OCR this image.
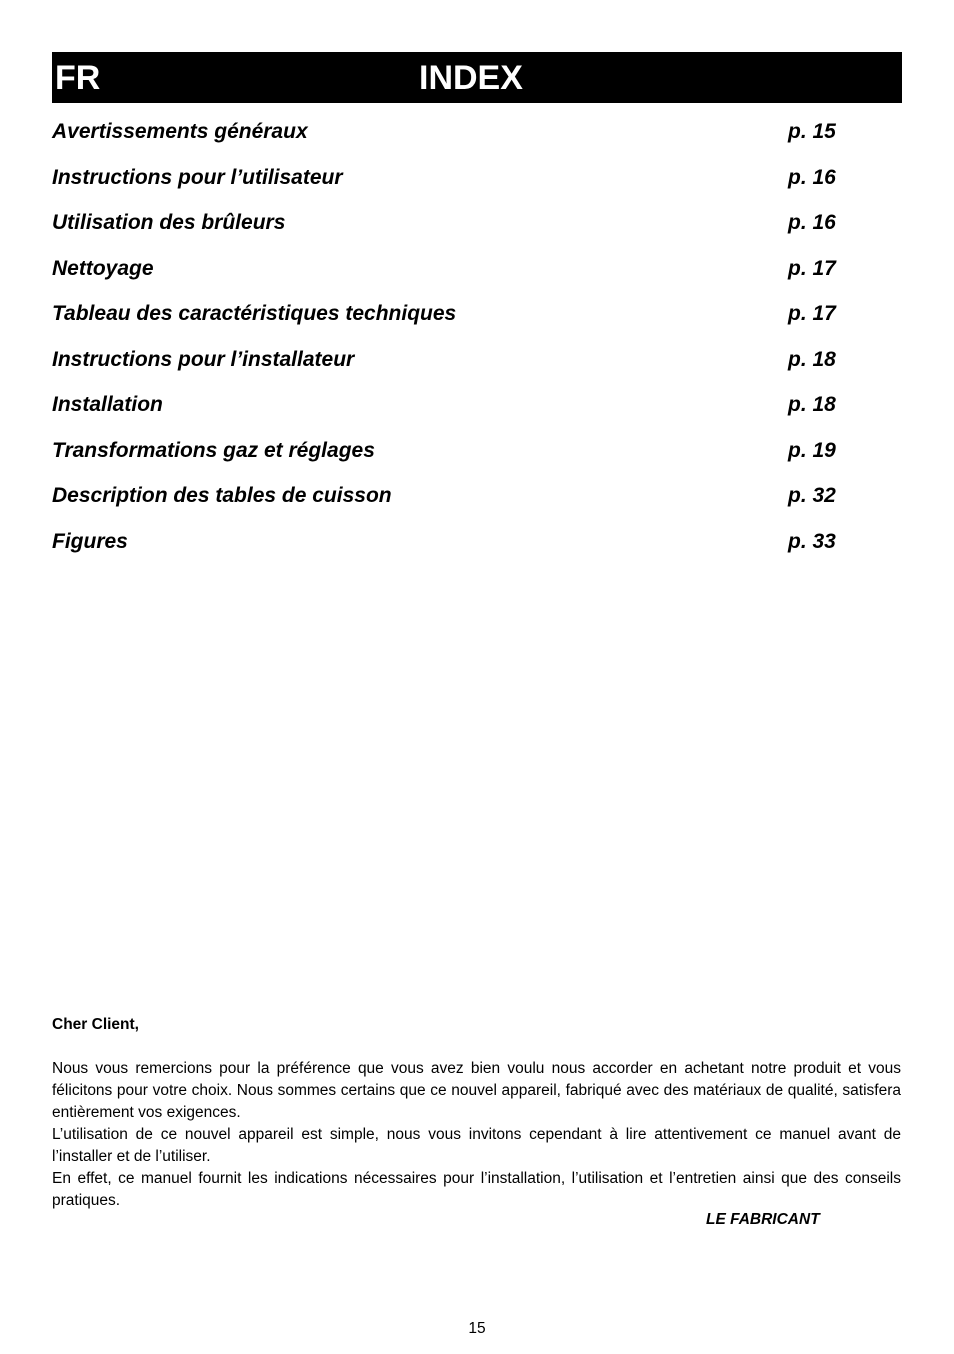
FR	INDEX
Avertissements généraux	p. 15
Instructions pour l’utilisateur	p. 16
Utilisation des brûleurs	p. 16
Nettoyage	p. 17
Tableau des caractéristiques techniques	p. 17
Instructions pour l’installateur	p. 18
Installation	p. 18
Transformations gaz et réglages	p. 19
Description des tables de cuisson	p. 32
Figures	p. 33
Cher Client,

Nous vous remercions pour la préférence que vous avez bien voulu nous accorder en achetant notre produit et vous félicitons pour votre choix. Nous sommes certains que ce nouvel appareil, fabriqué avec des matériaux de qualité, satisfera entièrement vos exigences.

L’utilisation de ce nouvel appareil est simple, nous vous invitons cependant à lire attentivement ce manuel avant de l’installer et de l’utiliser.

En effet, ce manuel fournit les indications nécessaires pour l’installation, l’utilisation et l’entretien ainsi que des conseils pratiques.

LE FABRICANT
15
